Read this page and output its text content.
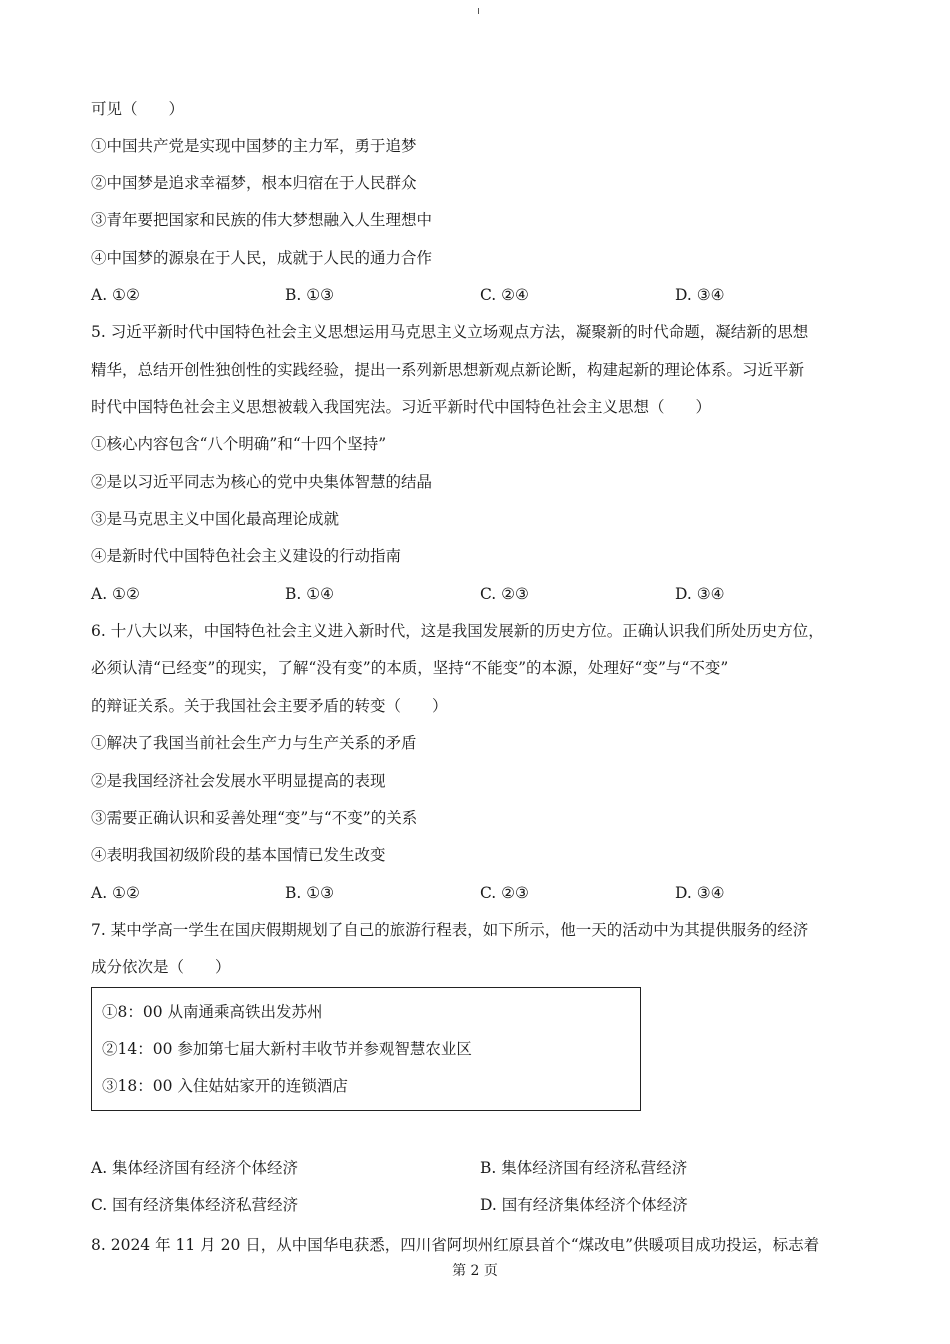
可见（　　）
①中国共产党是实现中国梦的主力军，勇于追梦
②中国梦是追求幸福梦，根本归宿在于人民群众
③青年要把国家和民族的伟大梦想融入人生理想中
④中国梦的源泉在于人民，成就于人民的通力合作
A. ①②	B. ①③	C. ②④	D. ③④
5. 习近平新时代中国特色社会主义思想运用马克思主义立场观点方法，凝聚新的时代命题，凝结新的思想
精华，总结开创性独创性的实践经验，提出一系列新思想新观点新论断，构建起新的理论体系。习近平新
时代中国特色社会主义思想被载入我国宪法。习近平新时代中国特色社会主义思想（　　）
①核心内容包含“八个明确”和“十四个坚持”
②是以习近平同志为核心的党中央集体智慧的结晶
③是马克思主义中国化最高理论成就
④是新时代中国特色社会主义建设的行动指南
A. ①②	B. ①④	C. ②③	D. ③④
6. 十八大以来，中国特色社会主义进入新时代，这是我国发展新的历史方位。正确认识我们所处历史方位，
必须认清“已经变”的现实，了解“没有变”的本质，坚持“不能变”的本源，处理好“变”与“不变”
的辩证关系。关于我国社会主要矛盾的转变（　　）
①解决了我国当前社会生产力与生产关系的矛盾
②是我国经济社会发展水平明显提高的表现
③需要正确认识和妥善处理“变”与“不变”的关系
④表明我国初级阶段的基本国情已发生改变
A. ①②	B. ①③	C. ②③	D. ③④
7. 某中学高一学生在国庆假期规划了自己的旅游行程表，如下所示，他一天的活动中为其提供服务的经济
成分依次是（　　）
①8：00 从南通乘高铁出发苏州
②14：00 参加第七届大新村丰收节并参观智慧农业区
③18：00 入住姑姑家开的连锁酒店
A. 集体经济国有经济个体经济	B. 集体经济国有经济私营经济
C. 国有经济集体经济私营经济	D. 国有经济集体经济个体经济
8. 2024 年 11 月 20 日，从中国华电获悉，四川省阿坝州红原县首个“煤改电”供暖项目成功投运，标志着
第 2 页
